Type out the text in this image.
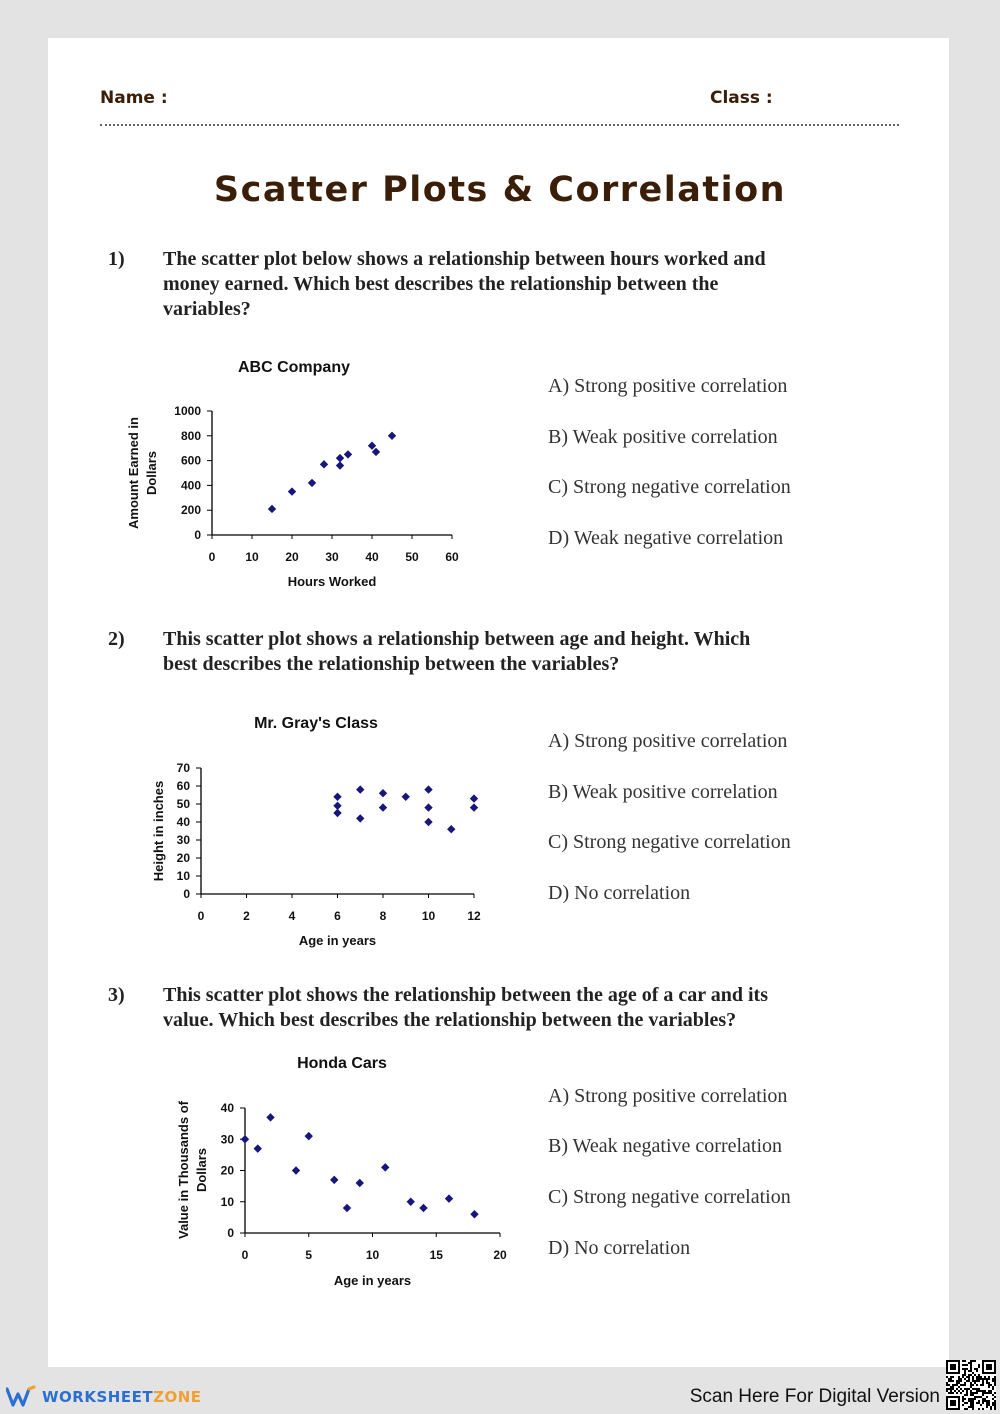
Name :	Class :
Scatter Plots & Correlation
1) The scatter plot below shows a relationship between hours worked and
money earned. Which best describes the relationship between the
variables?
A) Strong positive correlation
B) Weak positive correlation
C) Strong negative correlation
D) Weak negative correlation
2) This scatter plot shows a relationship between age and height. Which
best describes the relationship between the variables?
A) Strong positive correlation
B) Weak positive correlation
C) Strong negative correlation
D) No correlation
3) This scatter plot shows the relationship between the age of a car and its
value. Which best describes the relationship between the variables?
A) Strong positive correlation
B) Weak negative correlation
C) Strong negative correlation
D) No correlation
ABC Company
0 10 20 30 40 50 60
0
200
400
600
800
1000
Hours Worked
Amount Earned in Dollars
Mr. Gray's Class
0	2	4	6	8	10	12
0
10
20
30
40
50
60
70
Age in years
Height in inches
Honda Cars
0	5	10	15	20
0
10
20
30
40
Age in years
Value in Thousands of Dollars
WORKSHEETZONE	Scan Here For Digital Version
